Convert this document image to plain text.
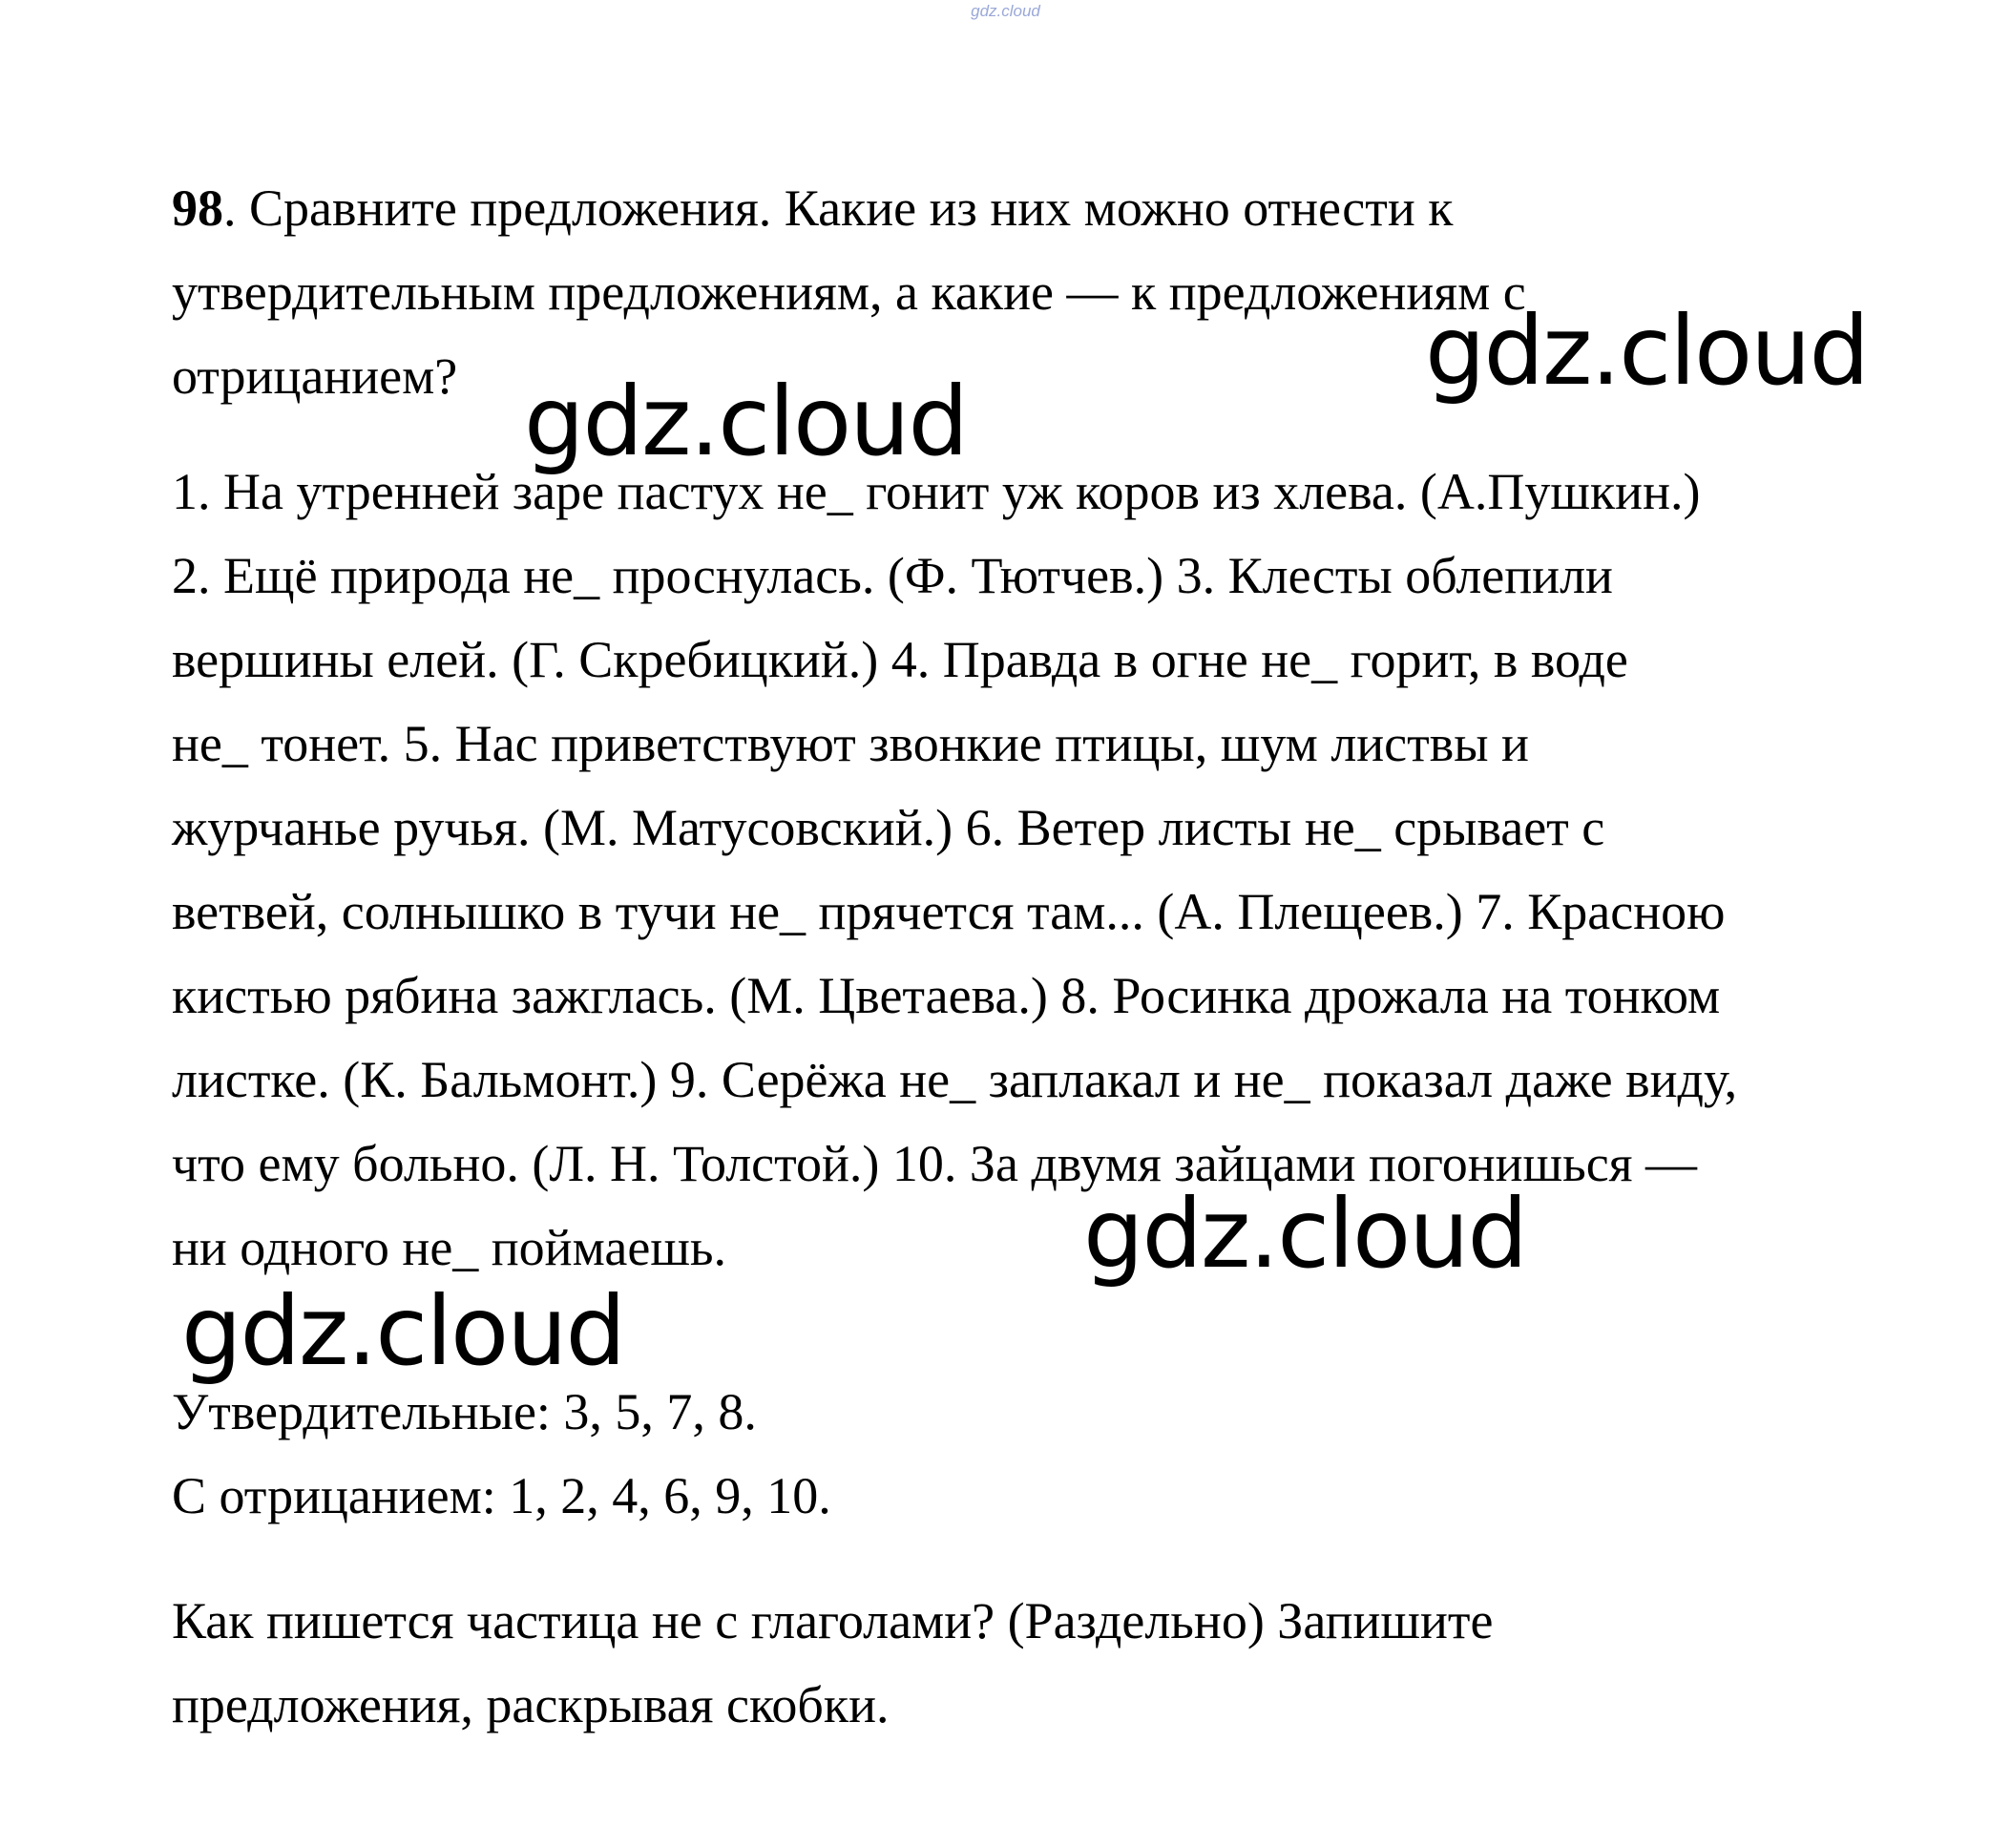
gdz.cloud
98. Сравните предложения. Какие из них можно отнести к
утвердительным предложениям, а какие — к предложениям с
отрицанием?
1. На утренней заре пастух не_ гонит уж коров из хлева. (А.Пушкин.)
2. Ещё природа не_ проснулась. (Ф. Тютчев.) 3. Клесты облепили
вершины елей. (Г. Скребицкий.) 4. Правда в огне не_ горит, в воде
не_ тонет. 5. Нас приветствуют звонкие птицы, шум листвы и
журчанье ручья. (М. Матусовский.) 6. Ветер листы не_ срывает с
ветвей, солнышко в тучи не_ прячется там... (А. Плещеев.) 7. Красною
кистью рябина зажглась. (М. Цветаева.) 8. Росинка дрожала на тонком
листке. (К. Бальмонт.) 9. Серёжа не_ заплакал и не_ показал даже виду,
что ему больно. (Л. Н. Толстой.) 10. За двумя зайцами погонишься —
ни одного не_ поймаешь.
Утвердительные: 3, 5, 7, 8.
С отрицанием: 1, 2, 4, 6, 9, 10.
Как пишется частица не с глаголами? (Раздельно) Запишите
предложения, раскрывая скобки.
gdz.cloud
gdz.cloud
gdz.cloud
gdz.cloud
